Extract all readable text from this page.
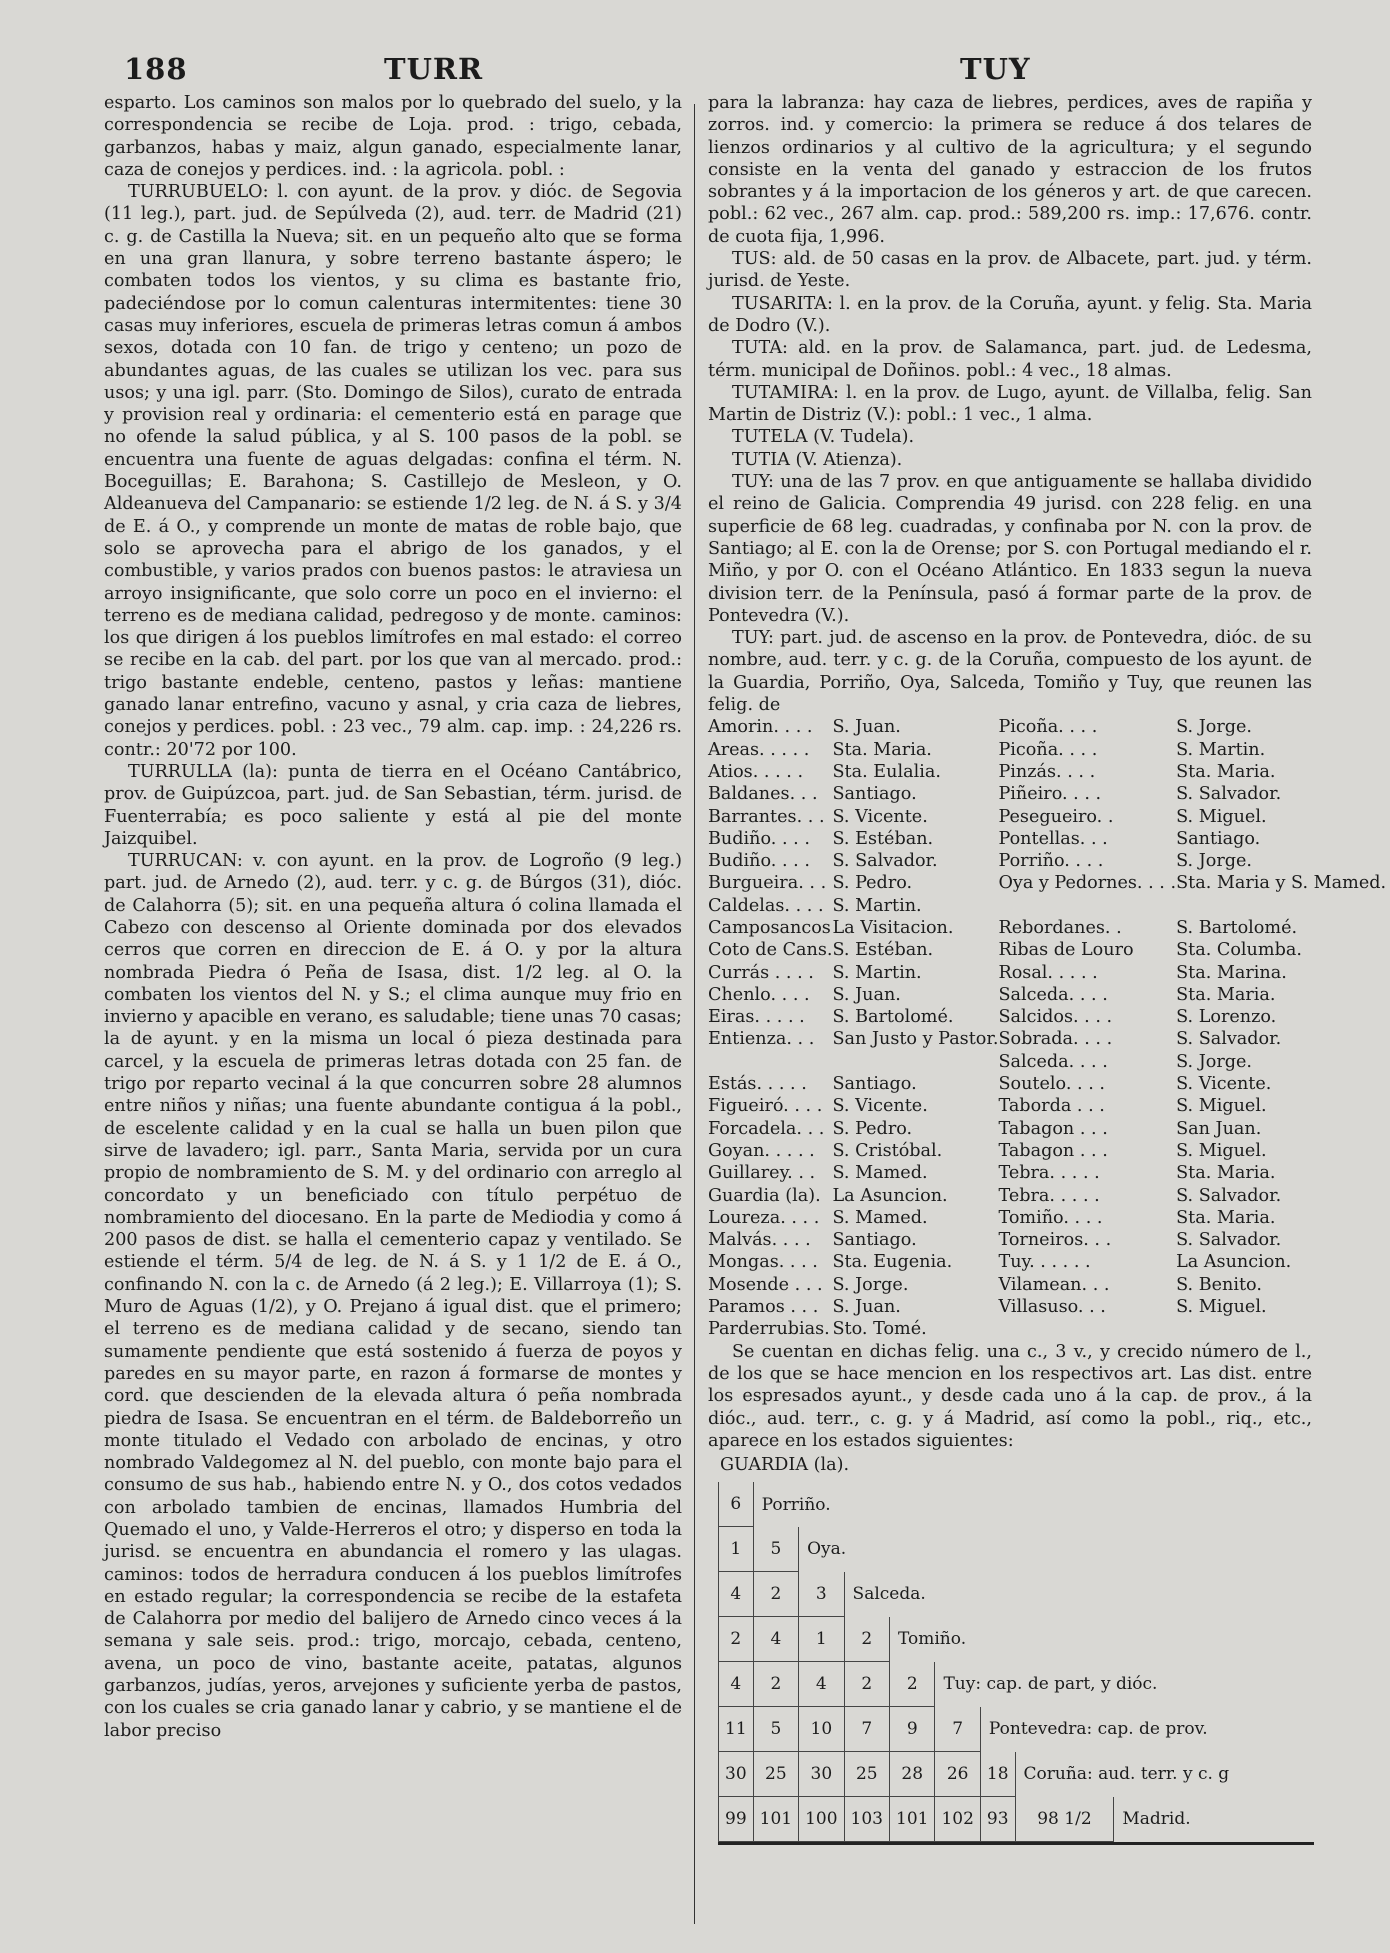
188	TURR	TUY

esparto. Los caminos son malos por lo quebrado del suelo, y la correspondencia se recibe de Loja. prod. : trigo, cebada, garbanzos, habas y maiz, algun ganado, especialmente lanar, caza de conejos y perdices. ind. : la agricola. pobl. :

TURRUBUELO: l. con ayunt. de la prov. y dióc. de Segovia (11 leg.), part. jud. de Sepúlveda (2), aud. terr. de Madrid (21) c. g. de Castilla la Nueva; sit. en un pequeño alto que se forma en una gran llanura, y sobre terreno bastante áspero; le combaten todos los vientos, y su clima es bastante frio, padeciéndose por lo comun calenturas intermitentes: tiene 30 casas muy inferiores, escuela de primeras letras comun á ambos sexos, dotada con 10 fan. de trigo y centeno; un pozo de abundantes aguas, de las cuales se utilizan los vec. para sus usos; y una igl. parr. (Sto. Domingo de Silos), curato de entrada y provision real y ordinaria: el cementerio está en parage que no ofende la salud pública, y al S. 100 pasos de la pobl. se encuentra una fuente de aguas delgadas: confina el térm. N. Boceguillas; E. Barahona; S. Castillejo de Mesleon, y O. Aldeanueva del Campanario: se estiende 1/2 leg. de N. á S. y 3/4 de E. á O., y comprende un monte de matas de roble bajo, que solo se aprovecha para el abrigo de los ganados, y el combustible, y varios prados con buenos pastos: le atraviesa un arroyo insignificante, que solo corre un poco en el invierno: el terreno es de mediana calidad, pedregoso y de monte. caminos: los que dirigen á los pueblos limítrofes en mal estado: el correo se recibe en la cab. del part. por los que van al mercado. prod.: trigo bastante endeble, centeno, pastos y leñas: mantiene ganado lanar entrefino, vacuno y asnal, y cria caza de liebres, conejos y perdices. pobl. : 23 vec., 79 alm. cap. imp. : 24,226 rs. contr.: 20'72 por 100.

TURRULLA (la): punta de tierra en el Océano Cantábrico, prov. de Guipúzcoa, part. jud. de San Sebastian, térm. jurisd. de Fuenterrabía; es poco saliente y está al pie del monte Jaizquibel.

TURRUCAN: v. con ayunt. en la prov. de Logroño (9 leg.) part. jud. de Arnedo (2), aud. terr. y c. g. de Búrgos (31), dióc. de Calahorra (5); sit. en una pequeña altura ó colina llamada el Cabezo con descenso al Oriente dominada por dos elevados cerros que corren en direccion de E. á O. y por la altura nombrada Piedra ó Peña de Isasa, dist. 1/2 leg. al O. la combaten los vientos del N. y S.; el clima aunque muy frio en invierno y apacible en verano, es saludable; tiene unas 70 casas; la de ayunt. y en la misma un local ó pieza destinada para carcel, y la escuela de primeras letras dotada con 25 fan. de trigo por reparto vecinal á la que concurren sobre 28 alumnos entre niños y niñas; una fuente abundante contigua á la pobl., de escelente calidad y en la cual se halla un buen pilon que sirve de lavadero; igl. parr., Santa Maria, servida por un cura propio de nombramiento de S. M. y del ordinario con arreglo al concordato y un beneficiado con título perpétuo de nombramiento del diocesano. En la parte de Mediodia y como á 200 pasos de dist. se halla el cementerio capaz y ventilado. Se estiende el térm. 5/4 de leg. de N. á S. y 1 1/2 de E. á O., confinando N. con la c. de Arnedo (á 2 leg.); E. Villarroya (1); S. Muro de Aguas (1/2), y O. Prejano á igual dist. que el primero; el terreno es de mediana calidad y de secano, siendo tan sumamente pendiente que está sostenido á fuerza de poyos y paredes en su mayor parte, en razon á formarse de montes y cord. que descienden de la elevada altura ó peña nombrada piedra de Isasa. Se encuentran en el térm. de Baldeborreño un monte titulado el Vedado con arbolado de encinas, y otro nombrado Valdegomez al N. del pueblo, con monte bajo para el consumo de sus hab., habiendo entre N. y O., dos cotos vedados con arbolado tambien de encinas, llamados Humbria del Quemado el uno, y Valde-Herreros el otro; y disperso en toda la jurisd. se encuentra en abundancia el romero y las ulagas. caminos: todos de herradura conducen á los pueblos limítrofes en estado regular; la correspondencia se recibe de la estafeta de Calahorra por medio del balijero de Arnedo cinco veces á la semana y sale seis. prod.: trigo, morcajo, cebada, centeno, avena, un poco de vino, bastante aceite, patatas, algunos garbanzos, judías, yeros, arvejones y suficiente yerba de pastos, con los cuales se cria ganado lanar y cabrio, y se mantiene el de labor preciso

para la labranza: hay caza de liebres, perdices, aves de rapiña y zorros. ind. y comercio: la primera se reduce á dos telares de lienzos ordinarios y al cultivo de la agricultura; y el segundo consiste en la venta del ganado y estraccion de los frutos sobrantes y á la importacion de los géneros y art. de que carecen. pobl.: 62 vec., 267 alm. cap. prod.: 589,200 rs. imp.: 17,676. contr. de cuota fija, 1,996.

TUS: ald. de 50 casas en la prov. de Albacete, part. jud. y térm. jurisd. de Yeste.

TUSARITA: l. en la prov. de la Coruña, ayunt. y felig. Sta. Maria de Dodro (V.).

TUTA: ald. en la prov. de Salamanca, part. jud. de Ledesma, térm. municipal de Doñinos. pobl.: 4 vec., 18 almas.

TUTAMIRA: l. en la prov. de Lugo, ayunt. de Villalba, felig. San Martin de Distriz (V.): pobl.: 1 vec., 1 alma.

TUTELA (V. Tudela).

TUTIA (V. Atienza).

TUY: una de las 7 prov. en que antiguamente se hallaba dividido el reino de Galicia. Comprendia 49 jurisd. con 228 felig. en una superficie de 68 leg. cuadradas, y confinaba por N. con la prov. de Santiago; al E. con la de Orense; por S. con Portugal mediando el r. Miño, y por O. con el Océano Atlántico. En 1833 segun la nueva division terr. de la Península, pasó á formar parte de la prov. de Pontevedra (V.).

TUY: part. jud. de ascenso en la prov. de Pontevedra, dióc. de su nombre, aud. terr. y c. g. de la Coruña, compuesto de los ayunt. de la Guardia, Porriño, Oya, Salceda, Tomiño y Tuy, que reunen las felig. de

Amorin. . . .	S. Juan.	Picoña. . . .	S. Jorge.
Areas. . . . .	Sta. Maria.	Picoña. . . .	S. Martin.
Atios. . . . .	Sta. Eulalia.	Pinzás. . . .	Sta. Maria.
Baldanes. . .	Santiago.	Piñeiro. . . .	S. Salvador.
Barrantes. . .	S. Vicente.	Pesegueiro. .	S. Miguel.
Budiño. . . .	S. Estéban.	Pontellas. . .	Santiago.
Budiño. . . .	S. Salvador.	Porriño. . . .	S. Jorge.
Burgueira. . .	S. Pedro.	Oya y Pedornes. . . .	Sta. Maria y S. Mamed.
Caldelas. . . .	S. Martin.		
Camposancos	La Visitacion.	Rebordanes. .	S. Bartolomé.
Coto de Cans.	S. Estéban.	Ribas de Louro	Sta. Columba.
Currás . . . .	S. Martin.	Rosal. . . . .	Sta. Marina.
Chenlo. . . .	S. Juan.	Salceda. . . .	Sta. Maria.
Eiras. . . . .	S. Bartolomé.	Salcidos. . . .	S. Lorenzo.
Entienza. . .	San Justo y Pastor.	Sobrada. . . .	S. Salvador.
		Salceda. . . .	S. Jorge.
Estás. . . . .	Santiago.	Soutelo. . . .	S. Vicente.
Figueiró. . . .	S. Vicente.	Taborda . . .	S. Miguel.
Forcadela. . .	S. Pedro.	Tabagon . . .	San Juan.
Goyan. . . . .	S. Cristóbal.	Tabagon . . .	S. Miguel.
Guillarey. . .	S. Mamed.	Tebra. . . . .	Sta. Maria.
Guardia (la).	La Asuncion.	Tebra. . . . .	S. Salvador.
Loureza. . . .	S. Mamed.	Tomiño. . . .	Sta. Maria.
Malvás. . . .	Santiago.	Torneiros. . .	S. Salvador.
Mongas. . . .	Sta. Eugenia.	Tuy. . . . . .	La Asuncion.
Mosende . . .	S. Jorge.	Vilamean. . .	S. Benito.
Paramos . . .	S. Juan.	Villasuso. . .	S. Miguel.
Parderrubias.	Sto. Tomé.		

Se cuentan en dichas felig. una c., 3 v., y crecido número de l., de los que se hace mencion en los respectivos art. Las dist. entre los espresados ayunt., y desde cada uno á la cap. de prov., á la dióc., aud. terr., c. g. y á Madrid, así como la pobl., riq., etc., aparece en los estados siguientes:

GUARDIA (la).
6	Porriño.							
1	5	Oya.						
4	2	3	Salceda.					
2	4	1	2	Tomiño.				
4	2	4	2	2	Tuy: cap. de part, y dióc.			
11	5	10	7	9	7	Pontevedra: cap. de prov.		
30	25	30	25	28	26	18	Coruña: aud. terr. y c. g	
99	101	100	103	101	102	93	98 1/2	Madrid.
